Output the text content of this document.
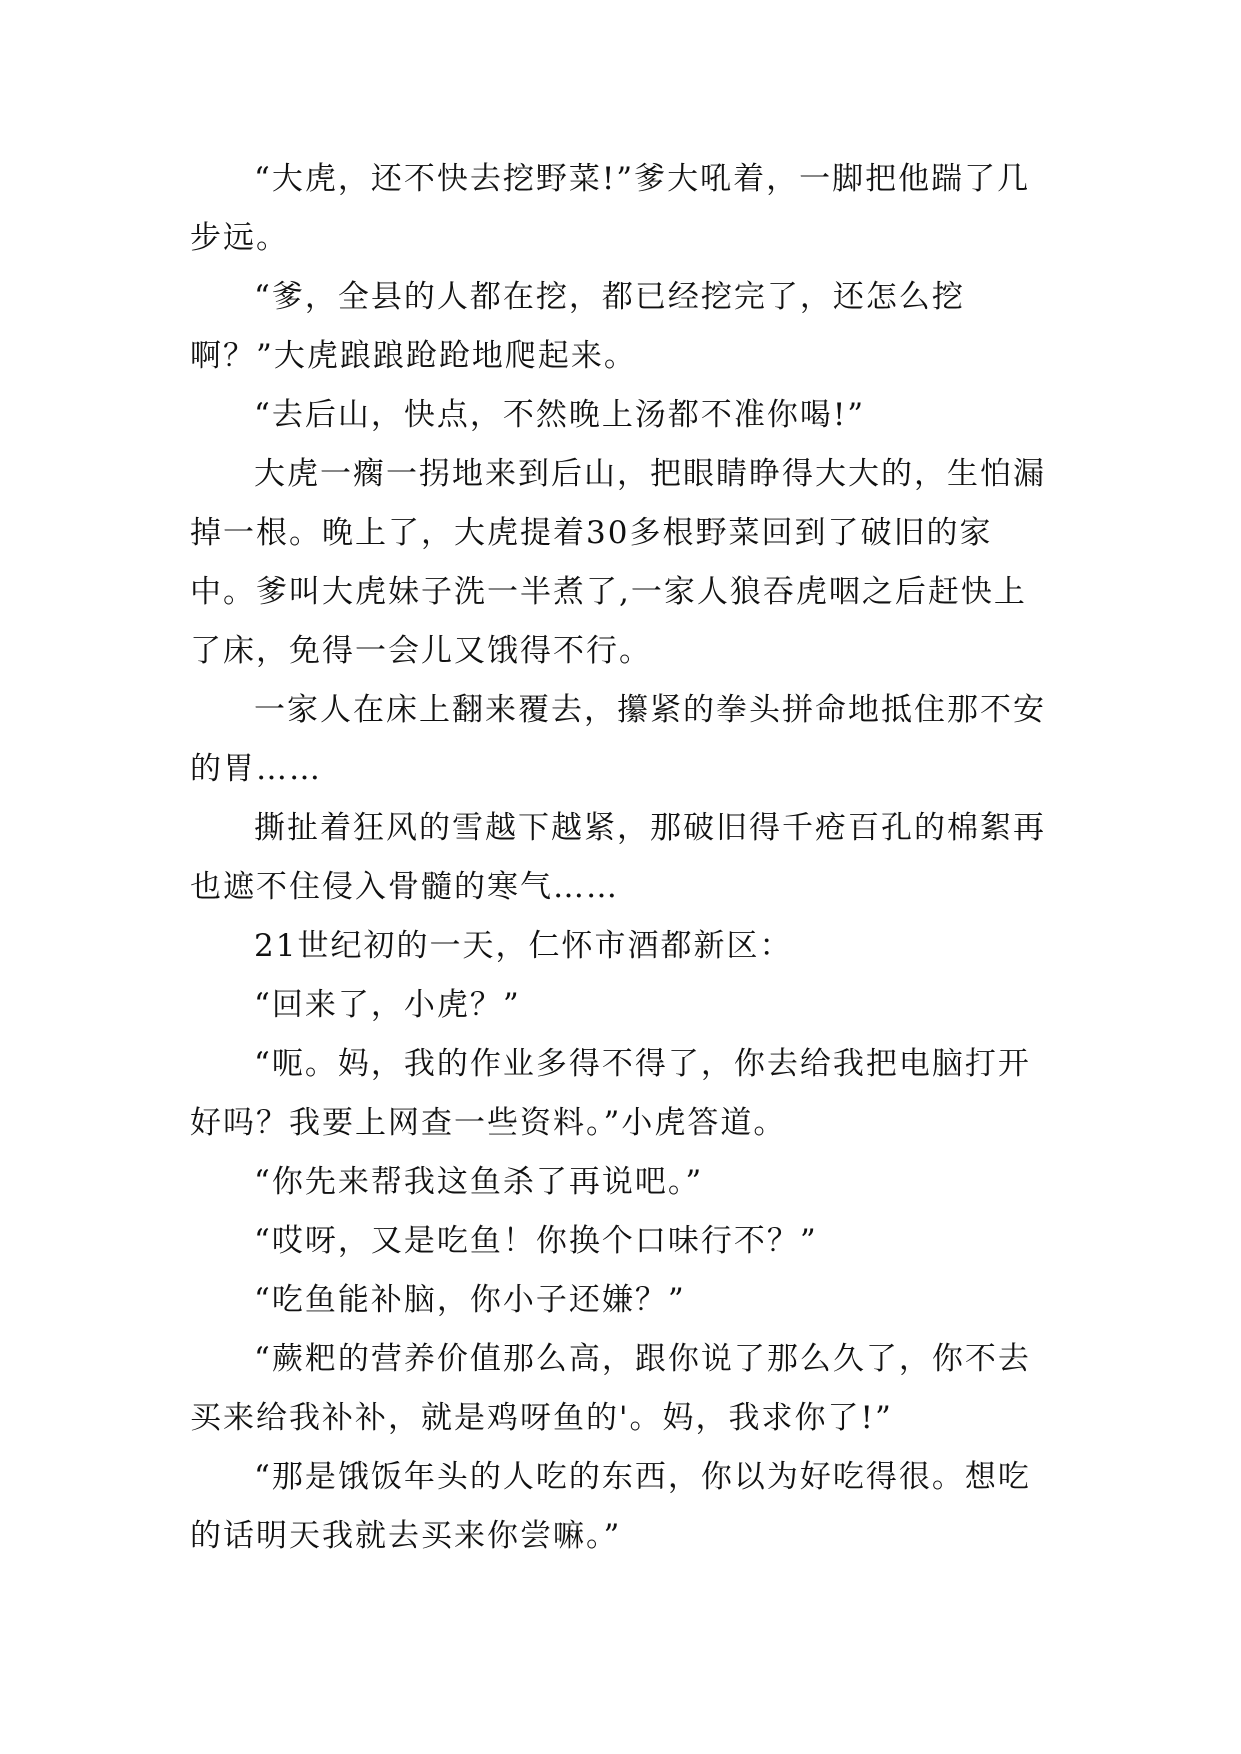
“大虎，还不快去挖野菜!”爹大吼着，一脚把他踹了几步远。

“爹，全县的人都在挖，都已经挖完了，还怎么挖啊？”大虎踉踉跄跄地爬起来。

“去后山，快点，不然晚上汤都不准你喝!”

大虎一瘸一拐地来到后山，把眼睛睁得大大的，生怕漏掉一根。晚上了，大虎提着30多根野菜回到了破旧的家中。爹叫大虎妹子洗一半煮了,一家人狼吞虎咽之后赶快上了床，免得一会儿又饿得不行。

一家人在床上翻来覆去，攥紧的拳头拼命地抵住那不安的胃……

撕扯着狂风的雪越下越紧，那破旧得千疮百孔的棉絮再也遮不住侵入骨髓的寒气……

21世纪初的一天，仁怀市酒都新区：

“回来了，小虎？”

“呃。妈，我的作业多得不得了，你去给我把电脑打开好吗？我要上网查一些资料。”小虎答道。

“你先来帮我这鱼杀了再说吧。”

“哎呀，又是吃鱼！你换个口味行不？”

“吃鱼能补脑，你小子还嫌？”

“蕨粑的营养价值那么高，跟你说了那么久了，你不去买来给我补补，就是鸡呀鱼的'。妈，我求你了!”

“那是饿饭年头的人吃的东西，你以为好吃得很。想吃的话明天我就去买来你尝嘛。”
